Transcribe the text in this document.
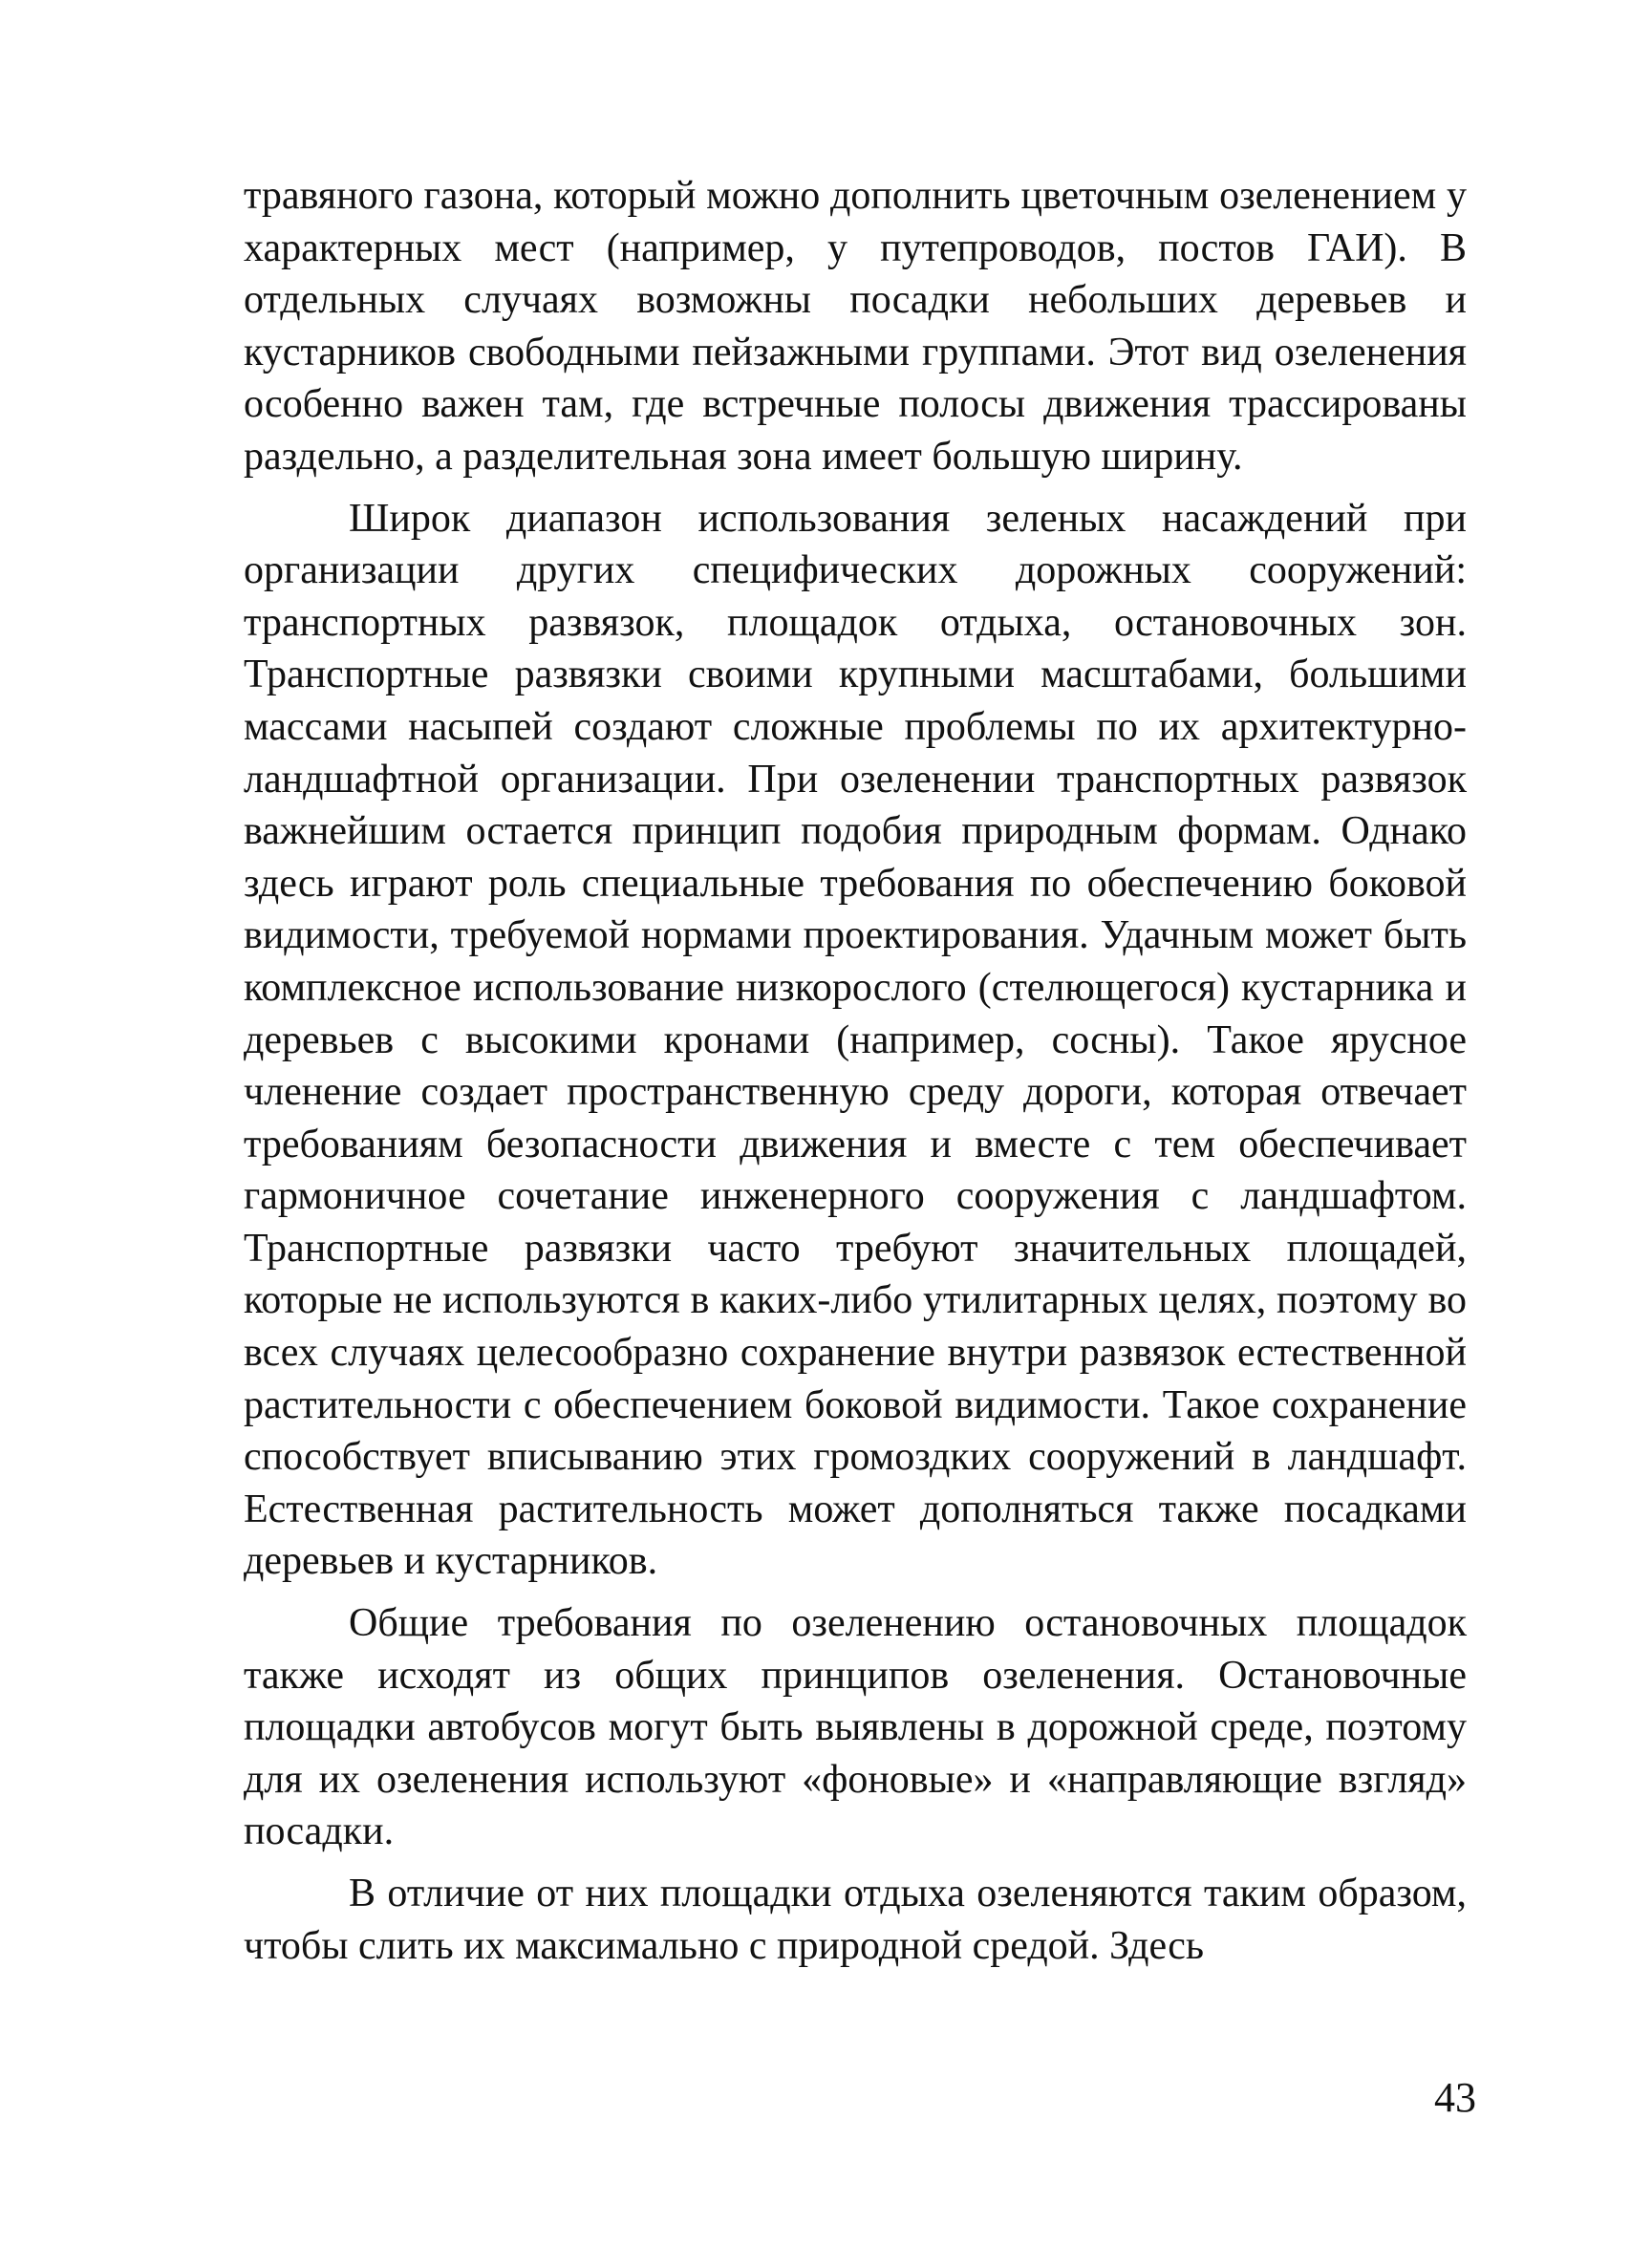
травяного газона, который можно дополнить цветочным озеленением у характерных мест (например, у путепроводов, постов ГАИ). В отдельных случаях возможны посадки небольших деревьев и кустарников свободными пейзажными группами. Этот вид озеленения особенно важен там, где встречные полосы движения трассированы раздельно, а разделительная зона имеет большую ширину.

Широк диапазон использования зеленых насаждений при организации других специфических дорожных сооружений: транспортных развязок, площадок отдыха, остановочных зон. Транспортные развязки своими крупными масштабами, большими массами насыпей создают сложные проблемы по их архитектурно-ландшафтной организации. При озеленении транспортных развязок важнейшим остается принцип подобия природным формам. Однако здесь играют роль специальные требования по обеспечению боковой видимости, требуемой нормами проектирования. Удачным может быть комплексное использование низкорослого (стелющегося) кустарника и деревьев с высокими кронами (например, сосны). Такое ярусное членение создает пространственную среду дороги, которая отвечает требованиям безопасности движения и вместе с тем обеспечивает гармоничное сочетание инженерного сооружения с ландшафтом. Транспортные развязки часто требуют значительных площадей, которые не используются в каких-либо утилитарных целях, поэтому во всех случаях целесообразно сохранение внутри развязок естественной растительности с обеспечением боковой видимости. Такое сохранение способствует вписыванию этих громоздких сооружений в ландшафт. Естественная растительность может дополняться также посадками деревьев и кустарников.

Общие требования по озеленению остановочных площадок также исходят из общих принципов озеленения. Остановочные площадки автобусов могут быть выявлены в дорожной среде, поэтому для их озеленения используют «фоновые» и «направляющие взгляд» посадки.

В отличие от них площадки отдыха озеленяются таким образом, чтобы слить их максимально с природной средой. Здесь

43
